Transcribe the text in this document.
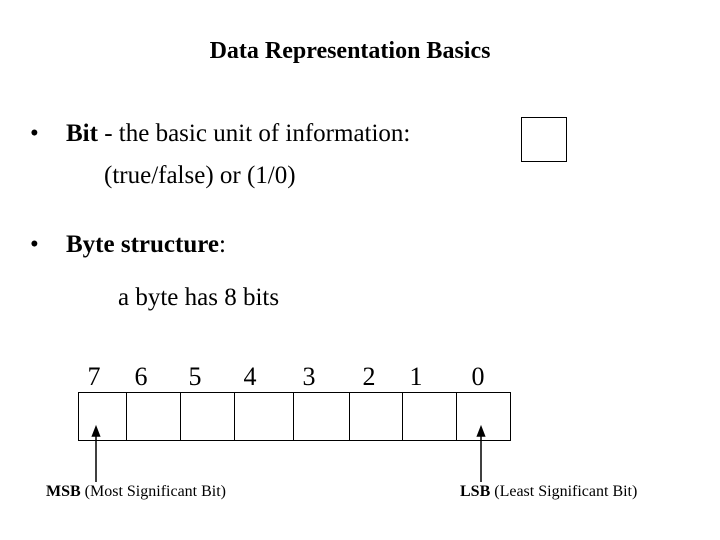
Data Representation Basics
• Bit - the basic unit of information:
(true/false) or (1/0)
• Byte structure:
a byte has 8 bits
7	6	5	4	3	2	1	0
MSB (Most Significant Bit)	LSB (Least Significant Bit)
